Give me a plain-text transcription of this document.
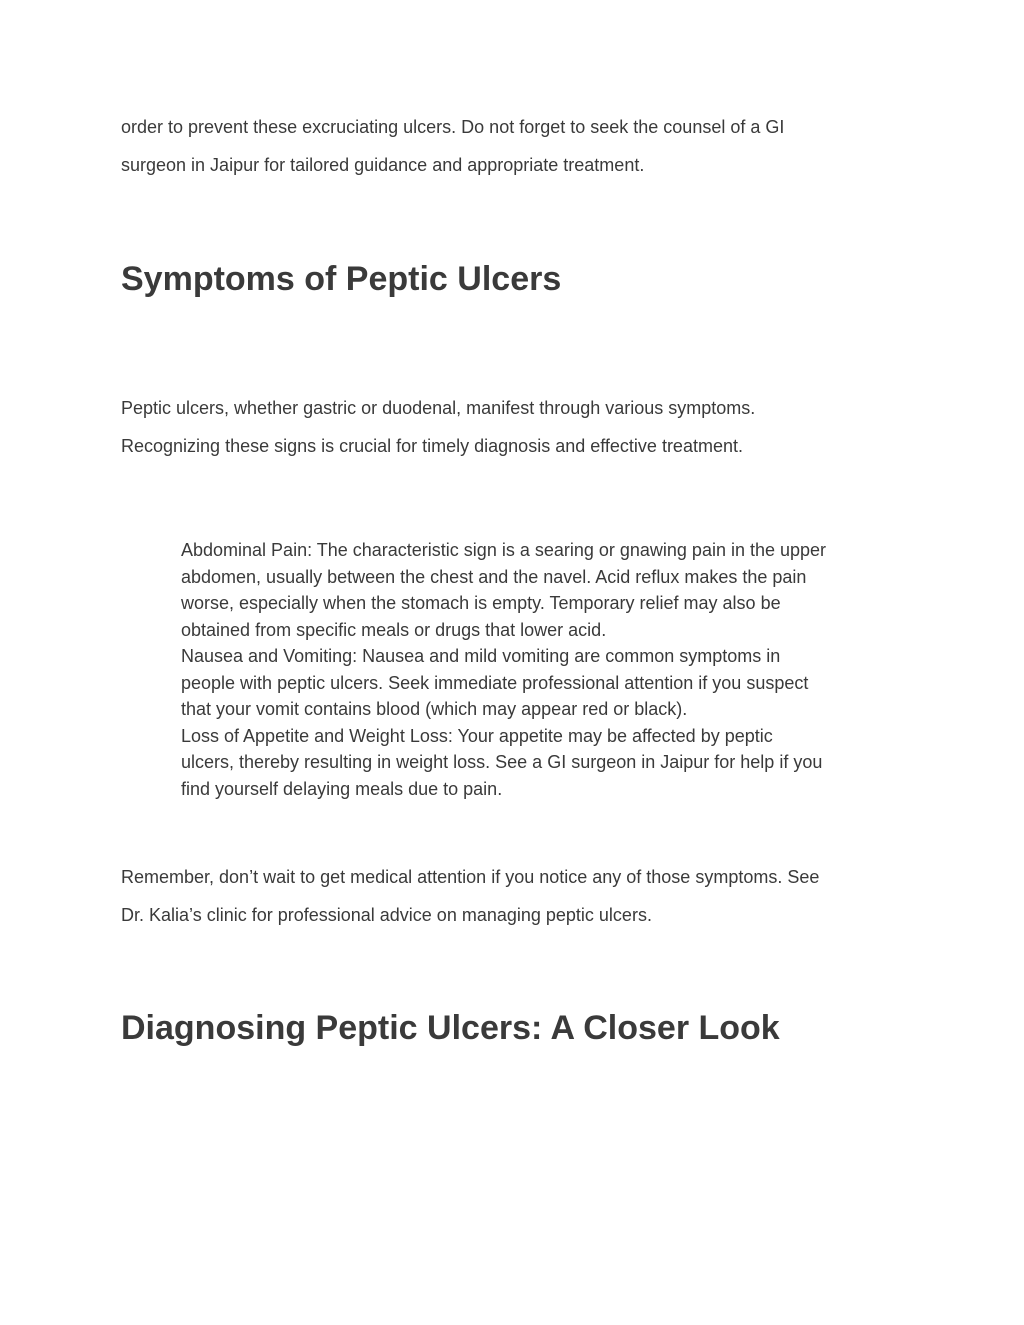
order to prevent these excruciating ulcers. Do not forget to seek the counsel of a GI
surgeon in Jaipur for tailored guidance and appropriate treatment.

Symptoms of Peptic Ulcers

Peptic ulcers, whether gastric or duodenal, manifest through various symptoms.
Recognizing these signs is crucial for timely diagnosis and effective treatment.

Abdominal Pain: The characteristic sign is a searing or gnawing pain in the upper
abdomen, usually between the chest and the navel. Acid reflux makes the pain
worse, especially when the stomach is empty. Temporary relief may also be
obtained from specific meals or drugs that lower acid.
Nausea and Vomiting: Nausea and mild vomiting are common symptoms in
people with peptic ulcers. Seek immediate professional attention if you suspect
that your vomit contains blood (which may appear red or black).
Loss of Appetite and Weight Loss: Your appetite may be affected by peptic
ulcers, thereby resulting in weight loss. See a GI surgeon in Jaipur for help if you
find yourself delaying meals due to pain.

Remember, don’t wait to get medical attention if you notice any of those symptoms. See
Dr. Kalia’s clinic for professional advice on managing peptic ulcers.

Diagnosing Peptic Ulcers: A Closer Look
